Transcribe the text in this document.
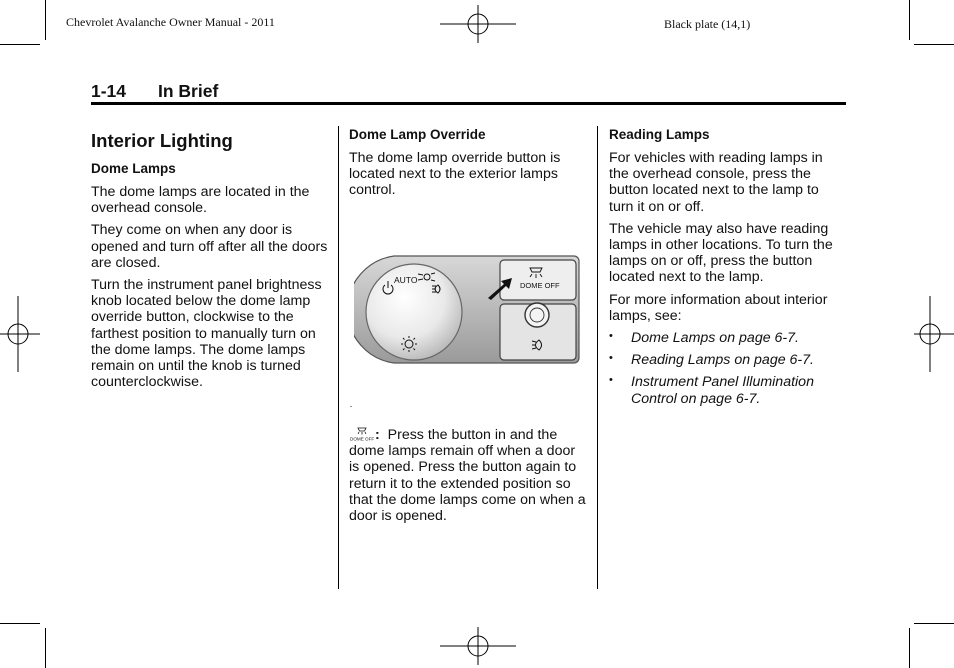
Chevrolet Avalanche Owner Manual - 2011	Black plate (14,1)
1-14 In Brief
Interior Lighting
Dome Lamps

The dome lamps are located in the overhead console.

They come on when any door is opened and turn off after all the doors are closed.

Turn the instrument panel brightness knob located below the dome lamp override button, clockwise to the farthest position to manually turn on the dome lamps. The dome lamps remain on until the knob is turned counterclockwise.

Dome Lamp Override

The dome lamp override button is located next to the exterior lamps control.

AUTO
DOME OFF

DOME OFF : Press the button in and the dome lamps remain off when a door is opened. Press the button again to return it to the extended position so that the dome lamps come on when a door is opened.

Reading Lamps

For vehicles with reading lamps in the overhead console, press the button located next to the lamp to turn it on or off.

The vehicle may also have reading lamps in other locations. To turn the lamps on or off, press the button located next to the lamp.

For more information about interior lamps, see:

• Dome Lamps on page 6-7.
• Reading Lamps on page 6-7.
• Instrument Panel Illumination Control on page 6-7.
